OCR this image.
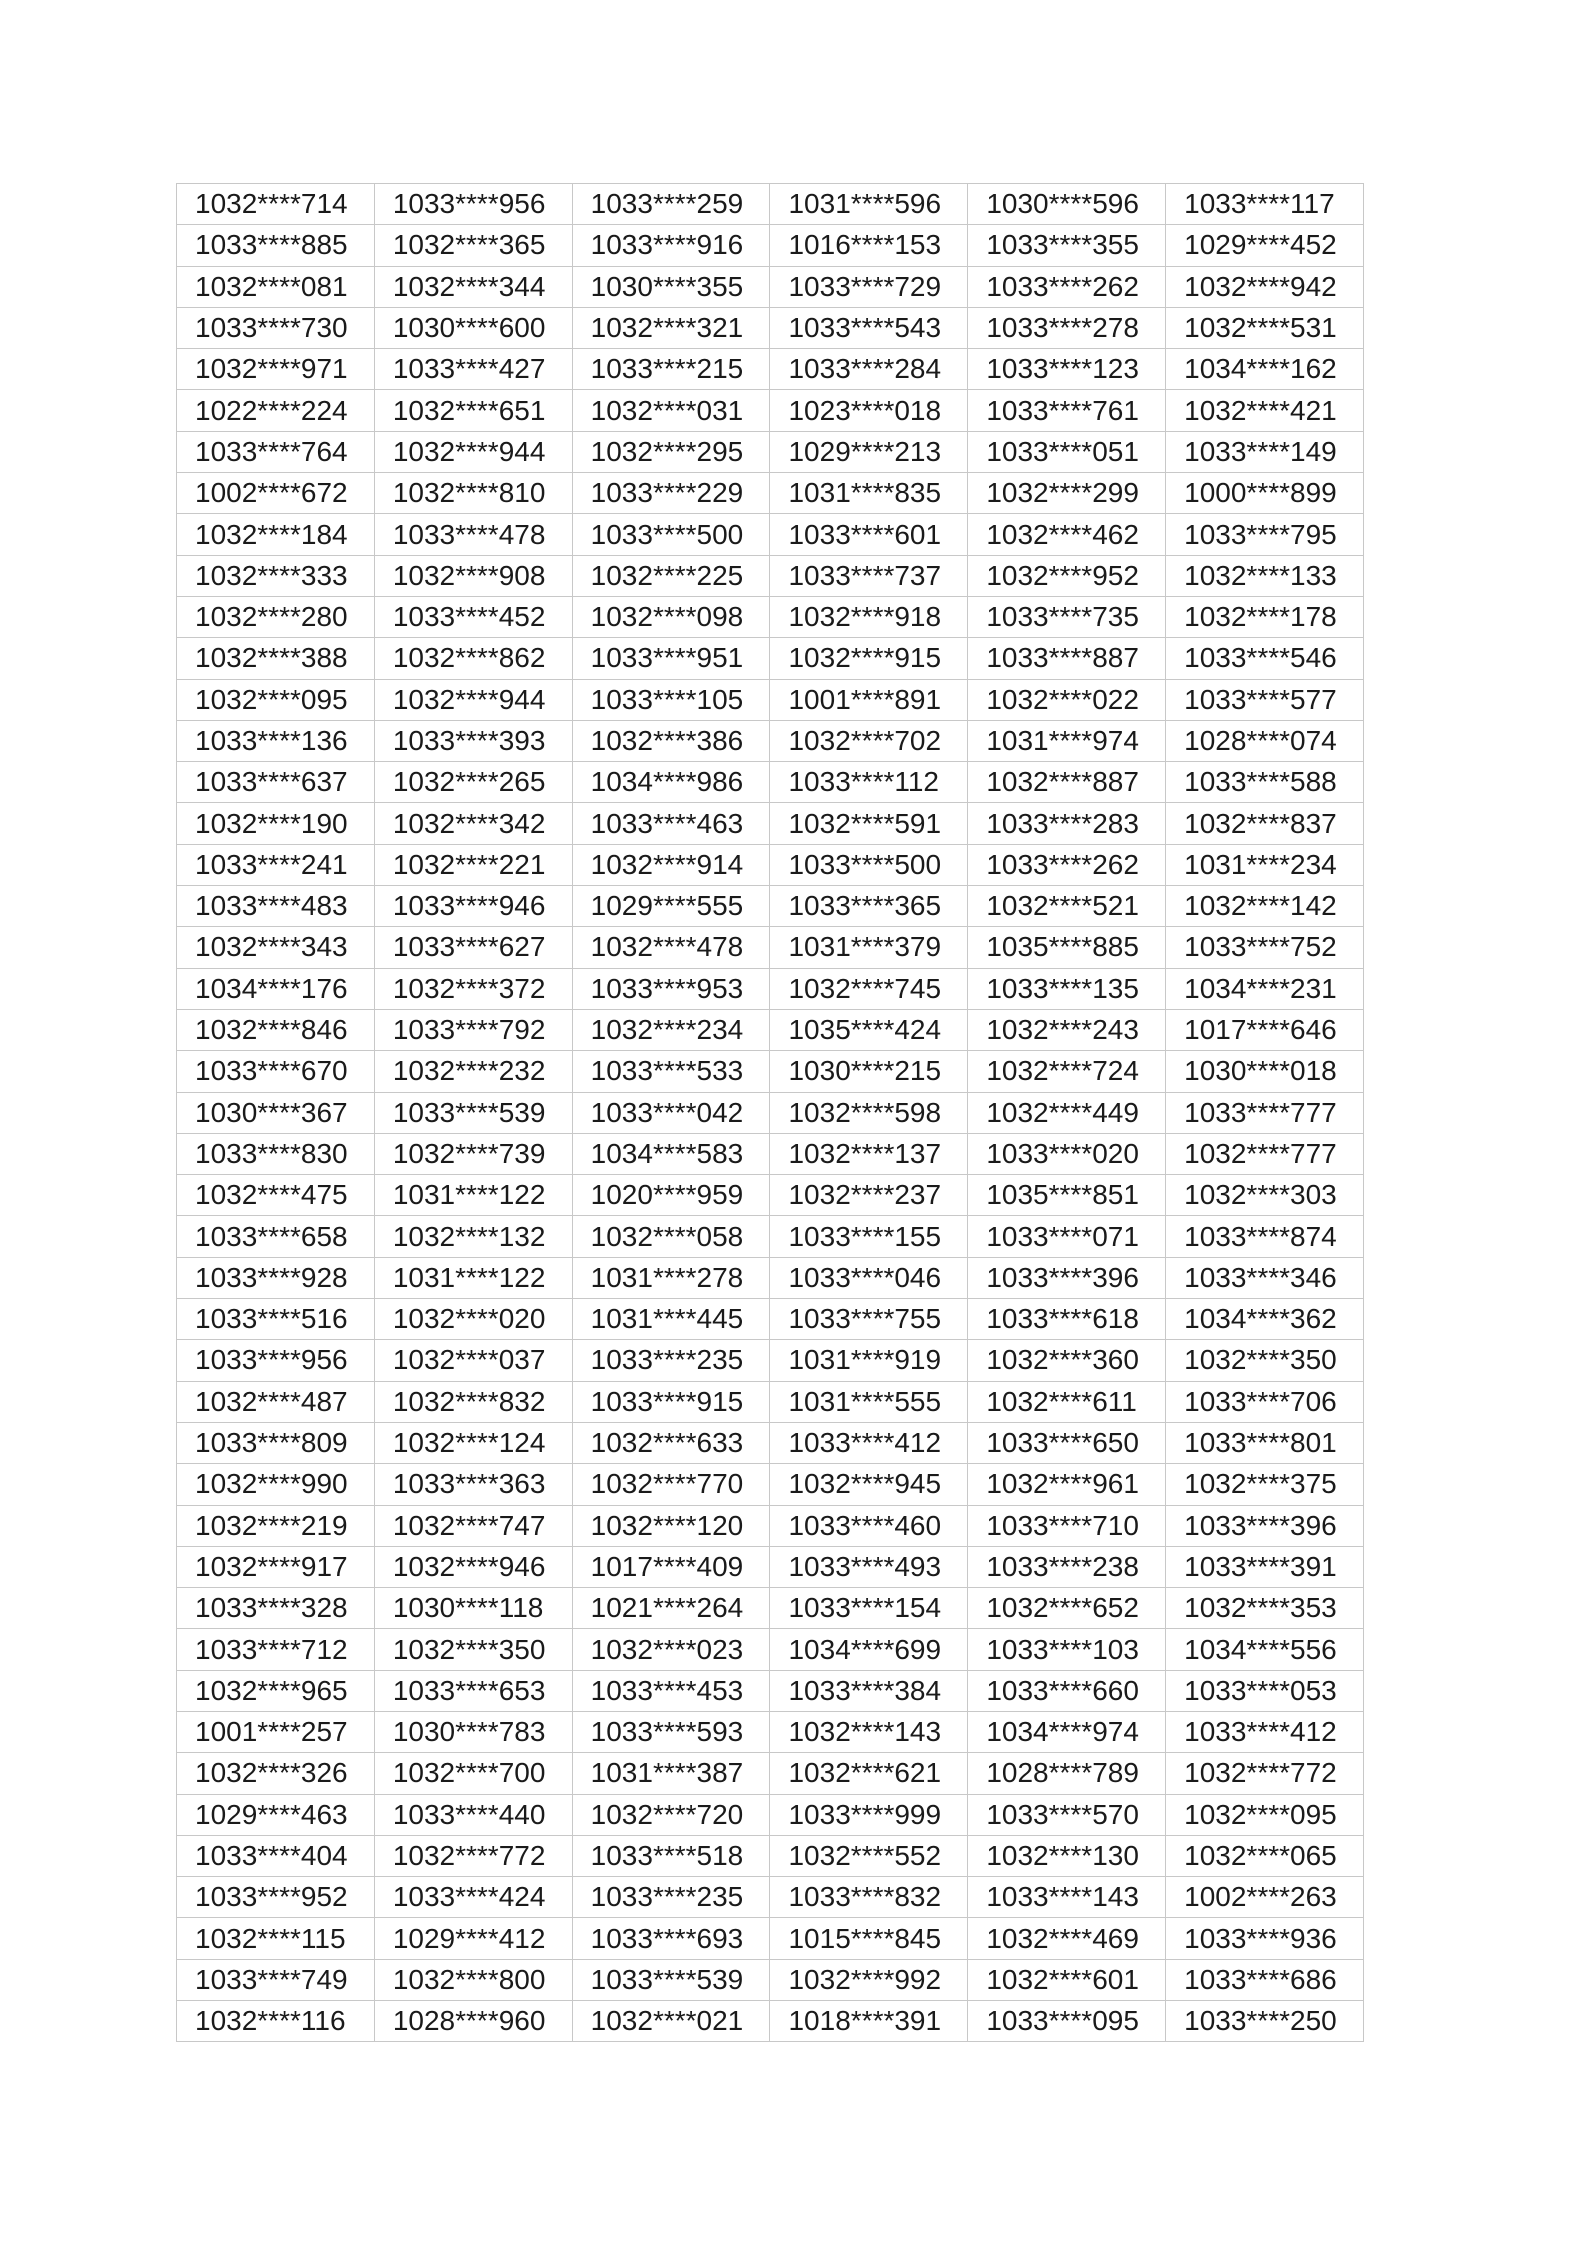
1032****714	1033****956	1033****259	1031****596	1030****596	1033****117
1033****885	1032****365	1033****916	1016****153	1033****355	1029****452
1032****081	1032****344	1030****355	1033****729	1033****262	1032****942
1033****730	1030****600	1032****321	1033****543	1033****278	1032****531
1032****971	1033****427	1033****215	1033****284	1033****123	1034****162
1022****224	1032****651	1032****031	1023****018	1033****761	1032****421
1033****764	1032****944	1032****295	1029****213	1033****051	1033****149
1002****672	1032****810	1033****229	1031****835	1032****299	1000****899
1032****184	1033****478	1033****500	1033****601	1032****462	1033****795
1032****333	1032****908	1032****225	1033****737	1032****952	1032****133
1032****280	1033****452	1032****098	1032****918	1033****735	1032****178
1032****388	1032****862	1033****951	1032****915	1033****887	1033****546
1032****095	1032****944	1033****105	1001****891	1032****022	1033****577
1033****136	1033****393	1032****386	1032****702	1031****974	1028****074
1033****637	1032****265	1034****986	1033****112	1032****887	1033****588
1032****190	1032****342	1033****463	1032****591	1033****283	1032****837
1033****241	1032****221	1032****914	1033****500	1033****262	1031****234
1033****483	1033****946	1029****555	1033****365	1032****521	1032****142
1032****343	1033****627	1032****478	1031****379	1035****885	1033****752
1034****176	1032****372	1033****953	1032****745	1033****135	1034****231
1032****846	1033****792	1032****234	1035****424	1032****243	1017****646
1033****670	1032****232	1033****533	1030****215	1032****724	1030****018
1030****367	1033****539	1033****042	1032****598	1032****449	1033****777
1033****830	1032****739	1034****583	1032****137	1033****020	1032****777
1032****475	1031****122	1020****959	1032****237	1035****851	1032****303
1033****658	1032****132	1032****058	1033****155	1033****071	1033****874
1033****928	1031****122	1031****278	1033****046	1033****396	1033****346
1033****516	1032****020	1031****445	1033****755	1033****618	1034****362
1033****956	1032****037	1033****235	1031****919	1032****360	1032****350
1032****487	1032****832	1033****915	1031****555	1032****611	1033****706
1033****809	1032****124	1032****633	1033****412	1033****650	1033****801
1032****990	1033****363	1032****770	1032****945	1032****961	1032****375
1032****219	1032****747	1032****120	1033****460	1033****710	1033****396
1032****917	1032****946	1017****409	1033****493	1033****238	1033****391
1033****328	1030****118	1021****264	1033****154	1032****652	1032****353
1033****712	1032****350	1032****023	1034****699	1033****103	1034****556
1032****965	1033****653	1033****453	1033****384	1033****660	1033****053
1001****257	1030****783	1033****593	1032****143	1034****974	1033****412
1032****326	1032****700	1031****387	1032****621	1028****789	1032****772
1029****463	1033****440	1032****720	1033****999	1033****570	1032****095
1033****404	1032****772	1033****518	1032****552	1032****130	1032****065
1033****952	1033****424	1033****235	1033****832	1033****143	1002****263
1032****115	1029****412	1033****693	1015****845	1032****469	1033****936
1033****749	1032****800	1033****539	1032****992	1032****601	1033****686
1032****116	1028****960	1032****021	1018****391	1033****095	1033****250
